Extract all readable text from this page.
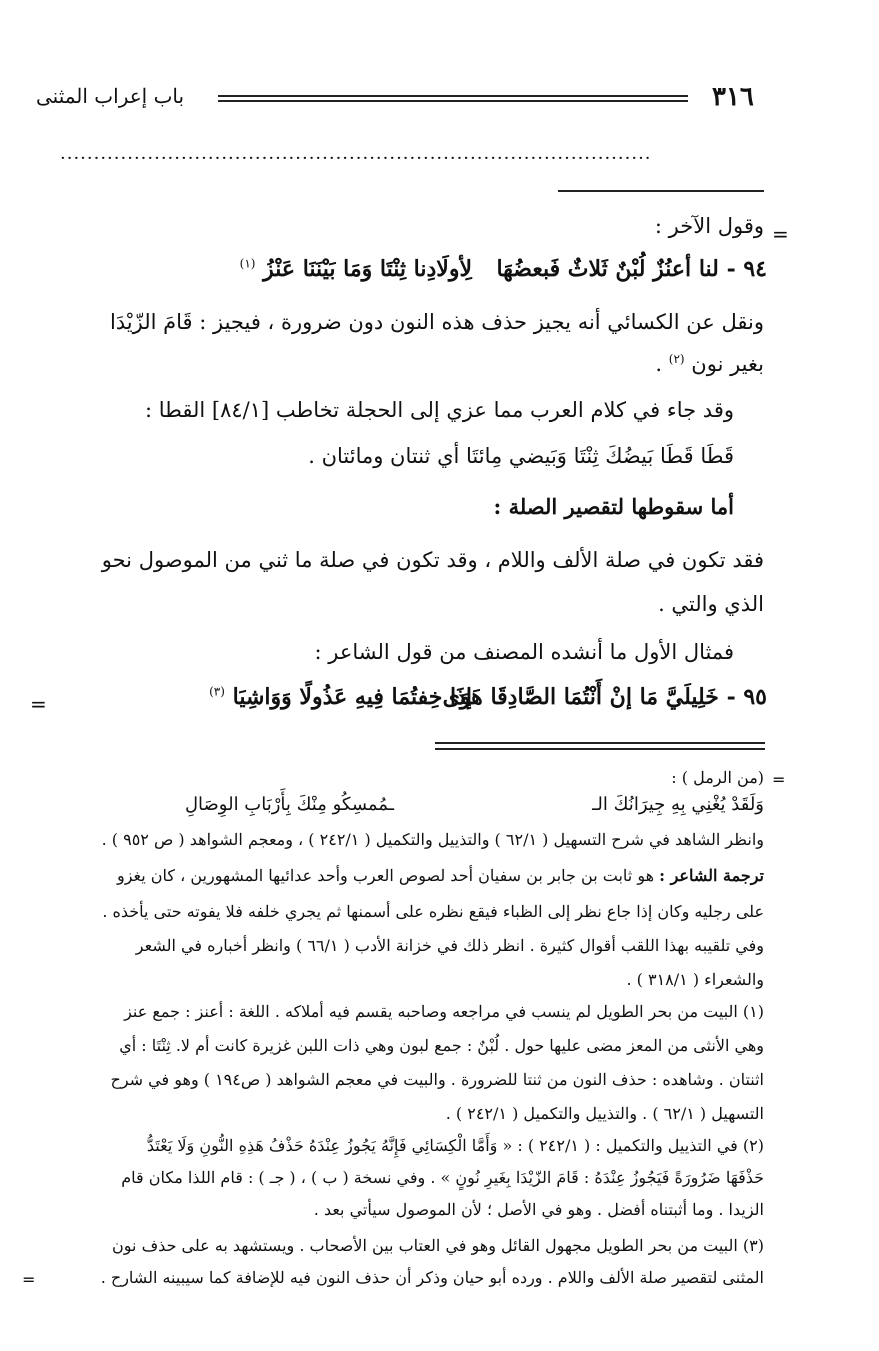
٣١٦
باب إعراب المثنى
························································································
=
وقول الآخر :
٩٤ - لنا أعنُزٌ لُبْنٌ ثَلاثٌ فَبعضُهَا
لِأولَادِنا ثِنْتَا وَمَا بَيْنَنَا عَنْزُ $^{(١)}$
ونقل عن الكسائي أنه يجيز حذف هذه النون دون ضرورة ، فيجيز : قَامَ الزّيْدَا
بغير نون $^{(٢)}$ .
وقد جاء في كلام العرب مما عزي إلى الحجلة تخاطب [٨٤/١] القطا :
قَطَا قَطَا بَيضُكَ ثِنْتَا وَبَيضي مِائتَا أي ثنتان ومائتان .
أما سقوطها لتقصير الصلة :
فقد تكون في صلة الألف واللام ، وقد تكون في صلة ما ثني من الموصول نحو
الذي والتي .
فمثال الأول ما أنشده المصنف من قول الشاعر :
٩٥ - خَلِيلَيَّ مَا إنْ أَنْتُمَا الصَّادِقَا هَوَى
إذَا خِفتُمَا فِيهِ عَذُولًا وَوَاشِيَا $^{(٣)}$
=
=
(من الرمل ) :
وَلَقَدْ يُغْنِي بِهِ جِيرَانُكَ الـ
ـمُمسِكُو مِنْكَ بِأَرْبَابِ الوِصَالِ
وانظر الشاهد في شرح التسهيل ( ٦٢/١ ) والتذييل والتكميل ( ٢٤٢/١ ) ، ومعجم الشواهد ( ص ٩٥٢ ) .
ترجمة الشاعر : هو ثابت بن جابر بن سفيان أحد لصوص العرب وأحد عدائيها المشهورين ، كان يغزو
على رجليه وكان إذا جاع نظر إلى الظباء فيقع نظره على أسمنها ثم يجري خلفه فلا يفوته حتى يأخذه .
وفي تلقيبه بهذا اللقب أقوال كثيرة . انظر ذلك في خزانة الأدب ( ٦٦/١ ) وانظر أخباره في الشعر
والشعراء ( ٣١٨/١ ) .
(١) البيت من بحر الطويل لم ينسب في مراجعه وصاحبه يقسم فيه أملاكه . اللغة : أعنز : جمع عنز
وهي الأنثى من المعز مضى عليها حول . لُبْنٌ : جمع لبون وهي ذات اللبن غزيرة كانت أم لا. ثِنْتَا : أي
اثنتان . وشاهده : حذف النون من ثنتا للضرورة . والبيت في معجم الشواهد ( ص١٩٤ ) وهو في شرح
التسهيل ( ٦٢/١ ) . والتذييل والتكميل ( ٢٤٢/١ ) .
(٢) في التذييل والتكميل : ( ٢٤٢/١ ) : « وَأَمَّا الْكِسَائِي فَإِنَّهُ يَجُوزُ عِنْدَهُ حَذْفُ هَذِهِ النُّونِ وَلَا يَعْتَدُّ
حَذْفَهَا ضَرُورَةً فَيَجُوزُ عِنْدَهُ : قَامَ الزّيْدَا بِغَيرِ نُونٍ » . وفي نسخة ( ب ) ، ( جـ ) : قام اللذا مكان قام
الزيدا . وما أثبتناه أفضل . وهو في الأصل ؛ لأن الموصول سيأتي بعد .
(٣) البيت من بحر الطويل مجهول القائل وهو في العتاب بين الأصحاب . ويستشهد به على حذف نون
المثنى لتقصير صلة الألف واللام . ورده أبو حيان وذكر أن حذف النون فيه للإضافة كما سيبينه الشارح .
=
